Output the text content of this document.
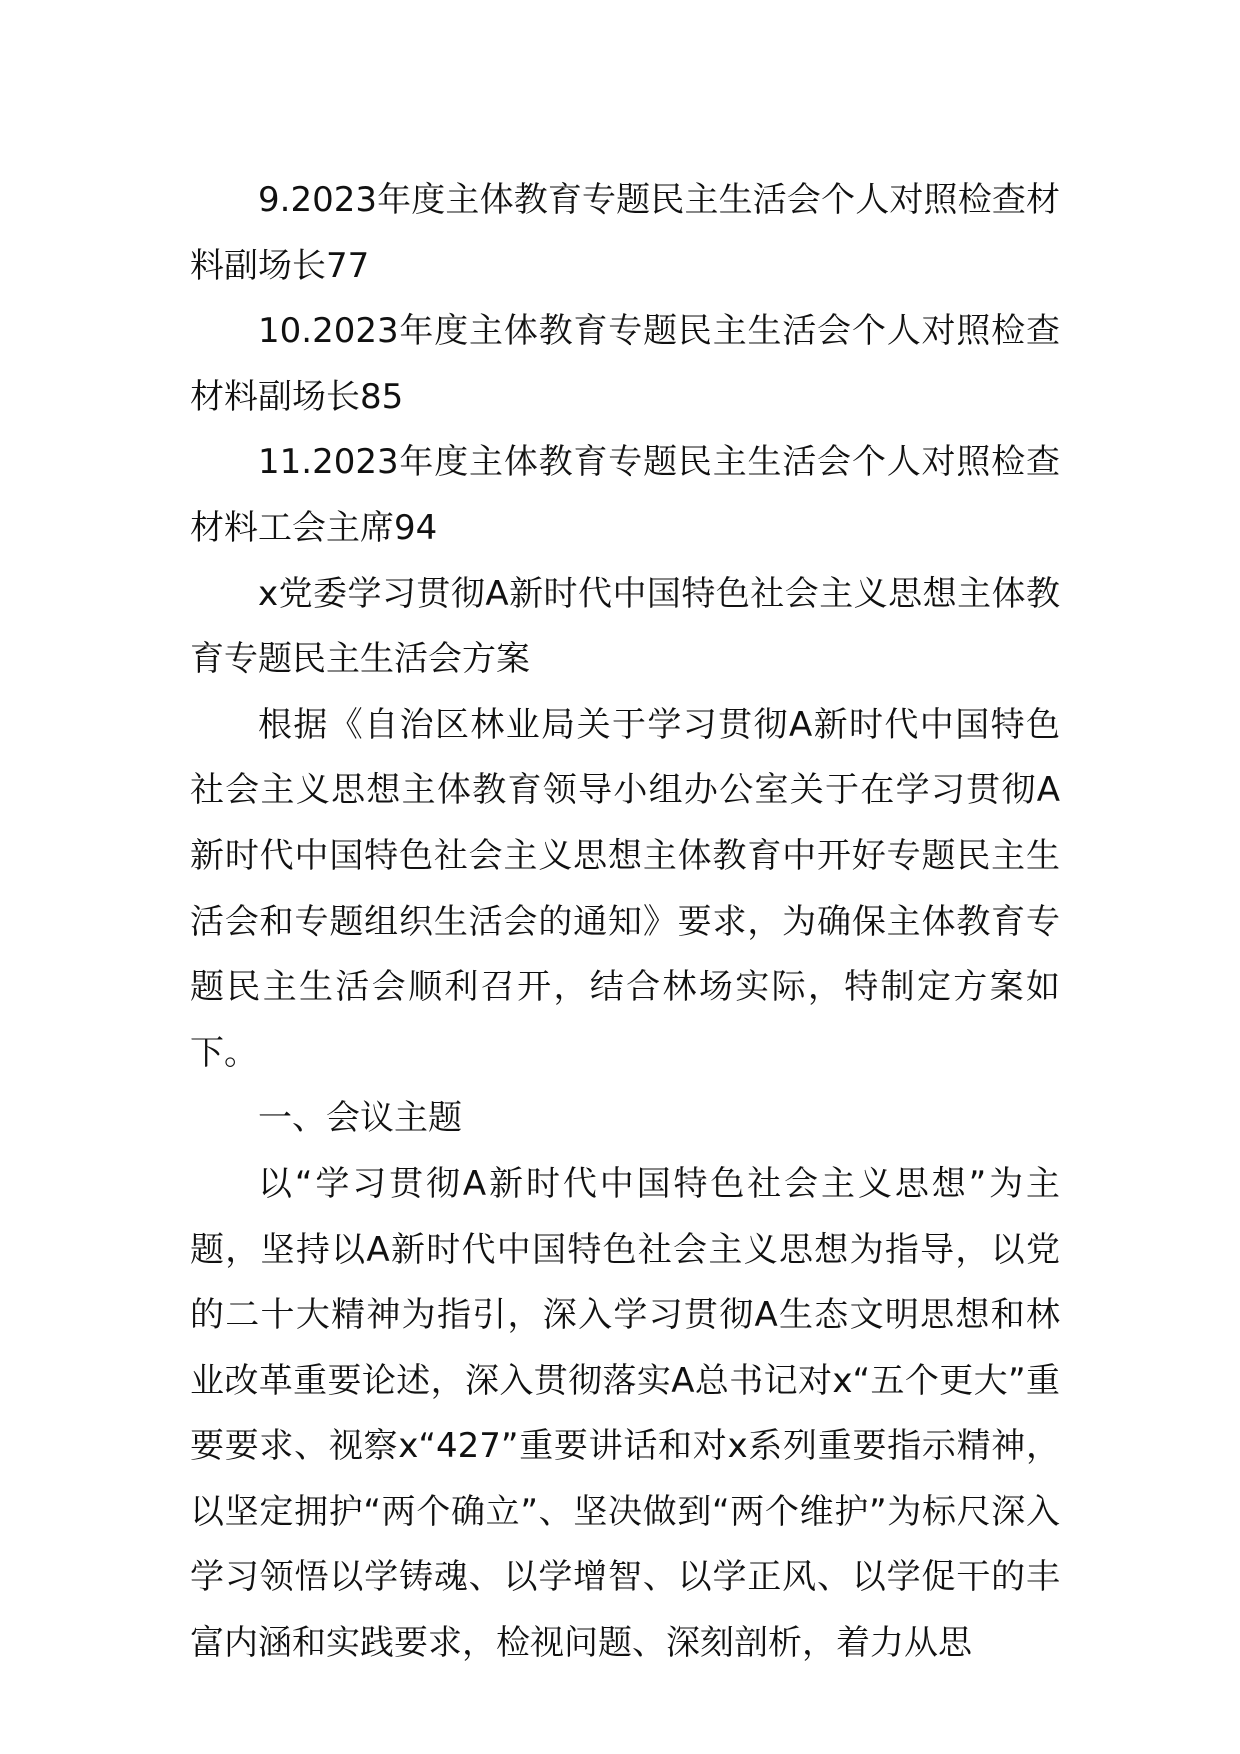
9.2023年度主体教育专题民主生活会个人对照检查材料副场长77

10.2023年度主体教育专题民主生活会个人对照检查材料副场长85

11.2023年度主体教育专题民主生活会个人对照检查材料工会主席94

x党委学习贯彻A新时代中国特色社会主义思想主体教育专题民主生活会方案

根据《自治区林业局关于学习贯彻A新时代中国特色社会主义思想主体教育领导小组办公室关于在学习贯彻A新时代中国特色社会主义思想主体教育中开好专题民主生活会和专题组织生活会的通知》要求，为确保主体教育专题民主生活会顺利召开，结合林场实际，特制定方案如下。

一、会议主题

以“学习贯彻A新时代中国特色社会主义思想”为主题，坚持以A新时代中国特色社会主义思想为指导，以党的二十大精神为指引，深入学习贯彻A生态文明思想和林业改革重要论述，深入贯彻落实A总书记对x“五个更大”重要要求、视察x“427”重要讲话和对x系列重要指示精神，以坚定拥护“两个确立”、坚决做到“两个维护”为标尺深入学习领悟以学铸魂、以学增智、以学正风、以学促干的丰富内涵和实践要求，检视问题、深刻剖析，着力从思
